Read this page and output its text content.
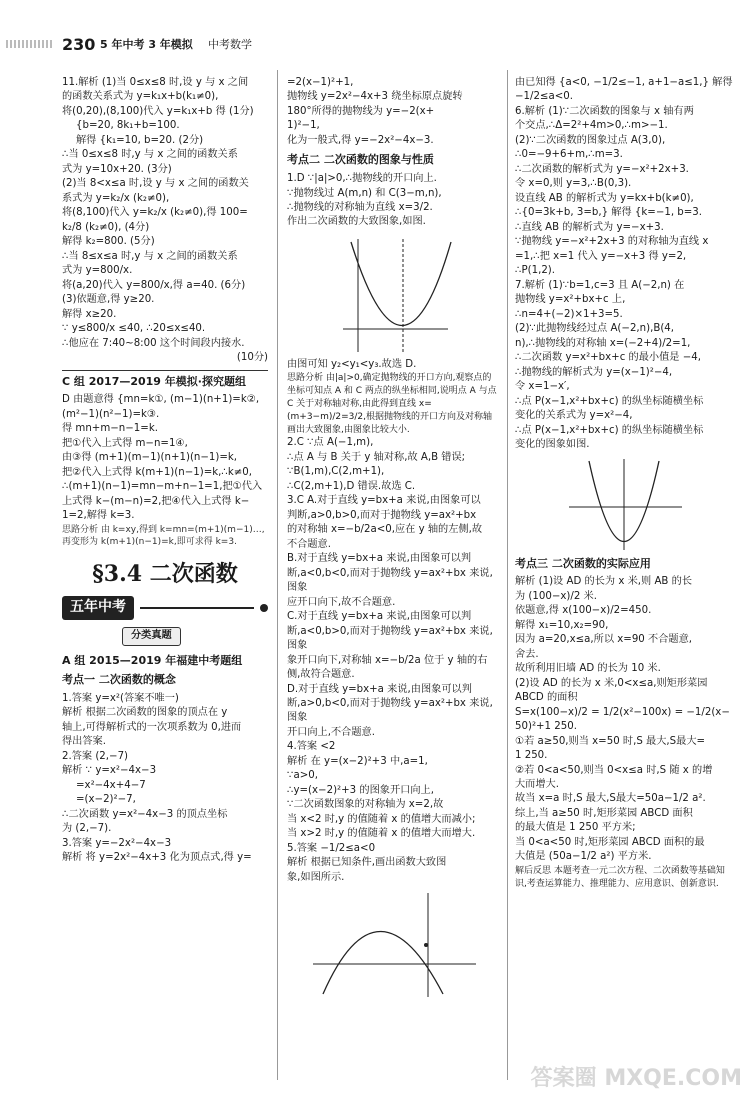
230 5 年中考 3 年模拟 中考数学

11.解析 (1)当 0≤x≤8 时,设 y 与 x 之间

的函数关系式为 y=k₁x+b(k₁≠0),

将(0,20),(8,100)代入 y=k₁x+b 得 (1分)

{b=20, 8k₁+b=100.

解得 {k₁=10, b=20. (2分)

∴当 0≤x≤8 时,y 与 x 之间的函数关系

式为 y=10x+20. (3分)

(2)当 8<x≤a 时,设 y 与 x 之间的函数关

系式为 y=k₂/x (k₂≠0),

将(8,100)代入 y=k₂/x (k₂≠0),得 100=

k₂/8 (k₂≠0), (4分)

解得 k₂=800. (5分)

∴当 8≤x≤a 时,y 与 x 之间的函数关系

式为 y=800/x.

将(a,20)代入 y=800/x,得 a=40. (6分)

(3)依题意,得 y≥20.

解得 x≥20.

∵ y≤800/x ≤40, ∴20≤x≤40.

∴他应在 7:40~8:00 这个时间段内接水.

(10分)

C 组 2017—2019 年模拟·探究题组

D 由题意得 {mn=k①, (m−1)(n+1)=k②, (m²−1)(n²−1)=k③.

得 mn+m−n−1=k.

把①代入上式得 m−n=1④,

由③得 (m+1)(m−1)(n+1)(n−1)=k,

把②代入上式得 k(m+1)(n−1)=k,∴k≠0,

∴(m+1)(n−1)=mn−m+n−1=1,把①代入

上式得 k−(m−n)=2,把④代入上式得 k−

1=2,解得 k=3.

思路分析 由 k=xy,得到 k=mn=(m+1)(m−1)…,再变形为 k(m+1)(n−1)=k,即可求得 k=3.

§3.4 二次函数

五年中考
分类真题

A 组 2015—2019 年福建中考题组

考点一 二次函数的概念

1.答案 y=x²(答案不唯一)

解析 根据二次函数的图象的顶点在 y

轴上,可得解析式的一次项系数为 0,进而

得出答案.

2.答案 (2,−7)

解析 ∵ y=x²−4x−3

=x²−4x+4−7

=(x−2)²−7,

∴二次函数 y=x²−4x−3 的顶点坐标

为 (2,−7).

3.答案 y=−2x²−4x−3

解析 将 y=2x²−4x+3 化为顶点式,得 y=

=2(x−1)²+1,

抛物线 y=2x²−4x+3 绕坐标原点旋转

180°所得的抛物线为 y=−2(x+

1)²−1,

化为一般式,得 y=−2x²−4x−3.

考点二 二次函数的图象与性质

1.D ∵|a|>0,∴抛物线的开口向上.

∵抛物线过 A(m,n) 和 C(3−m,n),

∴抛物线的对称轴为直线 x=3/2.

作出二次函数的大致图象,如图.

由图可知 y₂<y₁<y₃.故选 D.

思路分析 由|a|>0,确定抛物线的开口方向,观察点的坐标可知点 A 和 C 两点的纵坐标相同,说明点 A 与点 C 关于对称轴对称,由此得到直线 x=(m+3−m)/2=3/2,根据抛物线的开口方向及对称轴画出大致图象,由图象比较大小.

2.C ∵点 A(−1,m),

∴点 A 与 B 关于 y 轴对称,故 A,B 错误;

∵B(1,m),C(2,m+1),

∴C(2,m+1),D 错误.故选 C.

3.C A.对于直线 y=bx+a 来说,由图象可以

判断,a>0,b>0,而对于抛物线 y=ax²+bx

的对称轴 x=−b/2a<0,应在 y 轴的左侧,故

不合题意.

B.对于直线 y=bx+a 来说,由图象可以判

断,a<0,b<0,而对于抛物线 y=ax²+bx 来说,图象

应开口向下,故不合题意.

C.对于直线 y=bx+a 来说,由图象可以判

断,a<0,b>0,而对于抛物线 y=ax²+bx 来说,图象

象开口向下,对称轴 x=−b/2a 位于 y 轴的右

侧,故符合题意.

D.对于直线 y=bx+a 来说,由图象可以判

断,a>0,b<0,而对于抛物线 y=ax²+bx 来说,图象

开口向上,不合题意.

4.答案 <2

解析 在 y=(x−2)²+3 中,a=1,

∵a>0,

∴y=(x−2)²+3 的图象开口向上,

∵二次函数图象的对称轴为 x=2,故

当 x<2 时,y 的值随着 x 的值增大而减小;

当 x>2 时,y 的值随着 x 的值增大而增大.

5.答案 −1/2≤a<0

解析 根据已知条件,画出函数大致图

象,如图所示.

由已知得 {a<0, −1/2≤−1, a+1−a≤1,} 解得 −1/2≤a<0.

6.解析 (1)∵二次函数的图象与 x 轴有两

个交点,∴Δ=2²+4m>0,∴m>−1.

(2)∵二次函数的图象过点 A(3,0),

∴0=−9+6+m,∴m=3.

∴二次函数的解析式为 y=−x²+2x+3.

令 x=0,则 y=3,∴B(0,3).

设直线 AB 的解析式为 y=kx+b(k≠0),

∴{0=3k+b, 3=b,} 解得 {k=−1, b=3.

∴直线 AB 的解析式为 y=−x+3.

∵抛物线 y=−x²+2x+3 的对称轴为直线 x

=1,∴把 x=1 代入 y=−x+3 得 y=2,

∴P(1,2).

7.解析 (1)∵b=1,c=3 且 A(−2,n) 在

抛物线 y=x²+bx+c 上,

∴n=4+(−2)×1+3=5.

(2)∵此抛物线经过点 A(−2,n),B(4,

n),∴抛物线的对称轴 x=(−2+4)/2=1,

∴二次函数 y=x²+bx+c 的最小值是 −4,

∴抛物线的解析式为 y=(x−1)²−4,

令 x=1−x′,

∴点 P(x−1,x²+bx+c) 的纵坐标随横坐标

变化的关系式为 y=x²−4,

∴点 P(x−1,x²+bx+c) 的纵坐标随横坐标

变化的图象如图.

考点三 二次函数的实际应用

解析 (1)设 AD 的长为 x 米,则 AB 的长

为 (100−x)/2 米.

依题意,得 x(100−x)/2=450.

解得 x₁=10,x₂=90,

因为 a=20,x≤a,所以 x=90 不合题意,

舍去.

故所利用旧墙 AD 的长为 10 米.

(2)设 AD 的长为 x 米,0<x≤a,则矩形菜园

ABCD 的面积

S=x(100−x)/2 = 1/2(x²−100x) = −1/2(x−

50)²+1 250.

①若 a≥50,则当 x=50 时,S 最大,S最大=

1 250.

②若 0<a<50,则当 0<x≤a 时,S 随 x 的增

大而增大.

故当 x=a 时,S 最大,S最大=50a−1/2 a².

综上,当 a≥50 时,矩形菜园 ABCD 面积

的最大值是 1 250 平方米;

当 0<a<50 时,矩形菜园 ABCD 面积的最

大值是 (50a−1/2 a²) 平方米.

解后反思 本题考查一元二次方程、二次函数等基础知识,考查运算能力、推理能力、应用意识、创新意识.

答案圈 MXQE.COM
